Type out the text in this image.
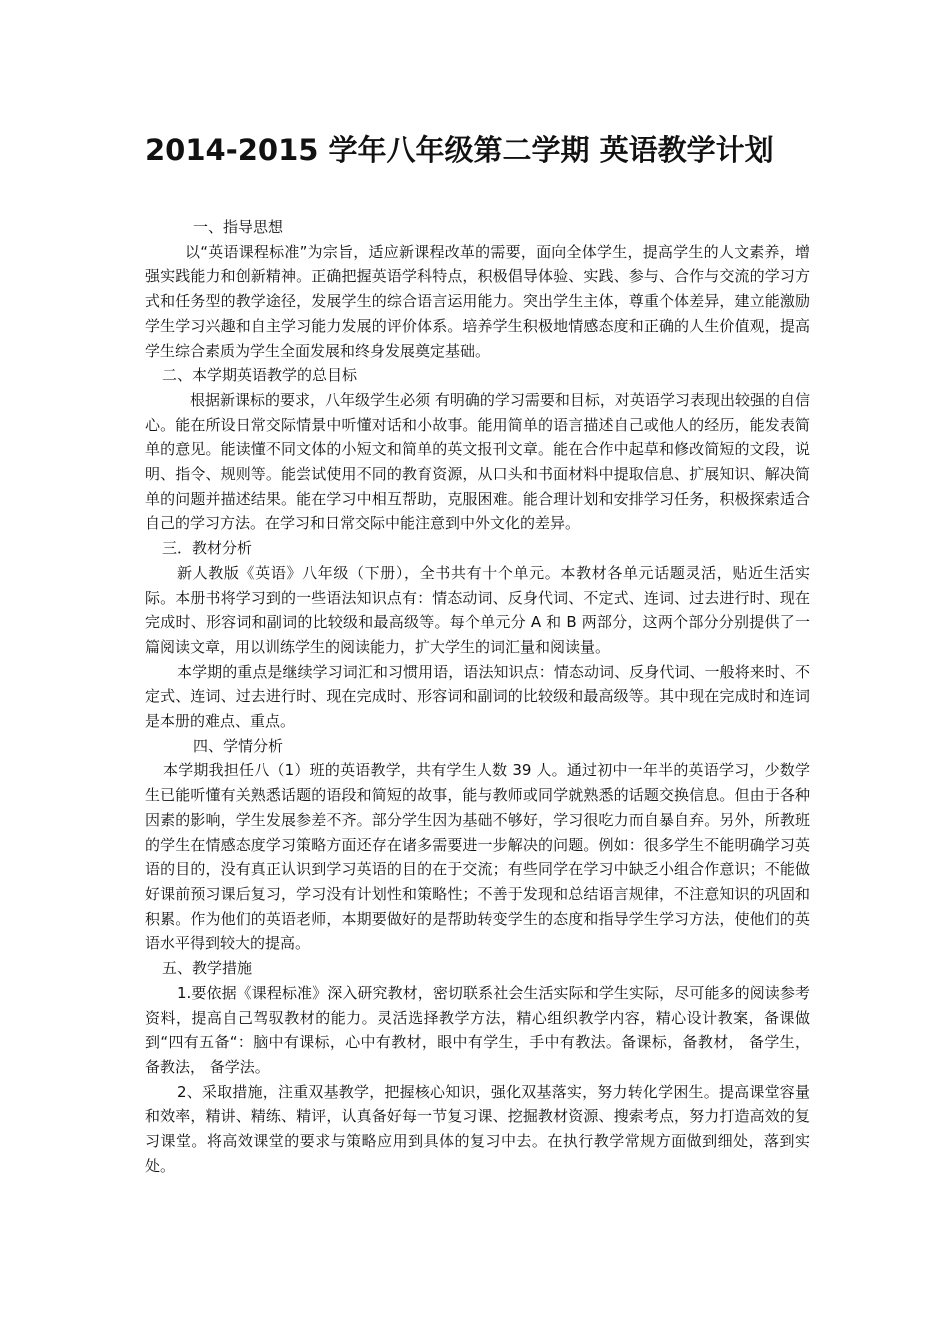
2014-2015 学年八年级第二学期 英语教学计划

一、指导思想

以“英语课程标准”为宗旨，适应新课程改革的需要，面向全体学生，提高学生的人文素养，增强实践能力和创新精神。正确把握英语学科特点，积极倡导体验、实践、参与、合作与交流的学习方式和任务型的教学途径，发展学生的综合语言运用能力。突出学生主体，尊重个体差异，建立能激励学生学习兴趣和自主学习能力发展的评价体系。培养学生积极地情感态度和正确的人生价值观，提高学生综合素质为学生全面发展和终身发展奠定基础。

二、本学期英语教学的总目标

根据新课标的要求，八年级学生必须 有明确的学习需要和目标，对英语学习表现出较强的自信心。能在所设日常交际情景中听懂对话和小故事。能用简单的语言描述自己或他人的经历，能发表简单的意见。能读懂不同文体的小短文和简单的英文报刊文章。能在合作中起草和修改简短的文段，说明、指令、规则等。能尝试使用不同的教育资源，从口头和书面材料中提取信息、扩展知识、解决简单的问题并描述结果。能在学习中相互帮助，克服困难。能合理计划和安排学习任务，积极探索适合自己的学习方法。在学习和日常交际中能注意到中外文化的差异。

三．教材分析

新人教版《英语》八年级（下册），全书共有十个单元。本教材各单元话题灵活，贴近生活实际。本册书将学习到的一些语法知识点有：情态动词、反身代词、不定式、连词、过去进行时、现在完成时、形容词和副词的比较级和最高级等。每个单元分 A 和 B 两部分，这两个部分分别提供了一篇阅读文章，用以训练学生的阅读能力，扩大学生的词汇量和阅读量。

本学期的重点是继续学习词汇和习惯用语，语法知识点：情态动词、反身代词、一般将来时、不定式、连词、过去进行时、现在完成时、形容词和副词的比较级和最高级等。其中现在完成时和连词是本册的难点、重点。

四、学情分析

本学期我担任八（1）班的英语教学，共有学生人数 39 人。通过初中一年半的英语学习，少数学生已能听懂有关熟悉话题的语段和简短的故事，能与教师或同学就熟悉的话题交换信息。但由于各种因素的影响，学生发展参差不齐。部分学生因为基础不够好，学习很吃力而自暴自弃。另外，所教班的学生在情感态度学习策略方面还存在诸多需要进一步解决的问题。例如：很多学生不能明确学习英语的目的，没有真正认识到学习英语的目的在于交流；有些同学在学习中缺乏小组合作意识；不能做好课前预习课后复习，学习没有计划性和策略性；不善于发现和总结语言规律，不注意知识的巩固和积累。作为他们的英语老师，本期要做好的是帮助转变学生的态度和指导学生学习方法，使他们的英语水平得到较大的提高。

五、教学措施

1.要依据《课程标准》深入研究教材，密切联系社会生活实际和学生实际，尽可能多的阅读参考资料，提高自己驾驭教材的能力。灵活选择教学方法，精心组织教学内容，精心设计教案，备课做到“四有五备“：脑中有课标，心中有教材，眼中有学生，手中有教法。备课标，备教材， 备学生， 备教法， 备学法。

2、采取措施，注重双基教学，把握核心知识，强化双基落实，努力转化学困生。提高课堂容量和效率，精讲、精练、精评，认真备好每一节复习课、挖掘教材资源、搜索考点，努力打造高效的复习课堂。将高效课堂的要求与策略应用到具体的复习中去。在执行教学常规方面做到细处，落到实处。
